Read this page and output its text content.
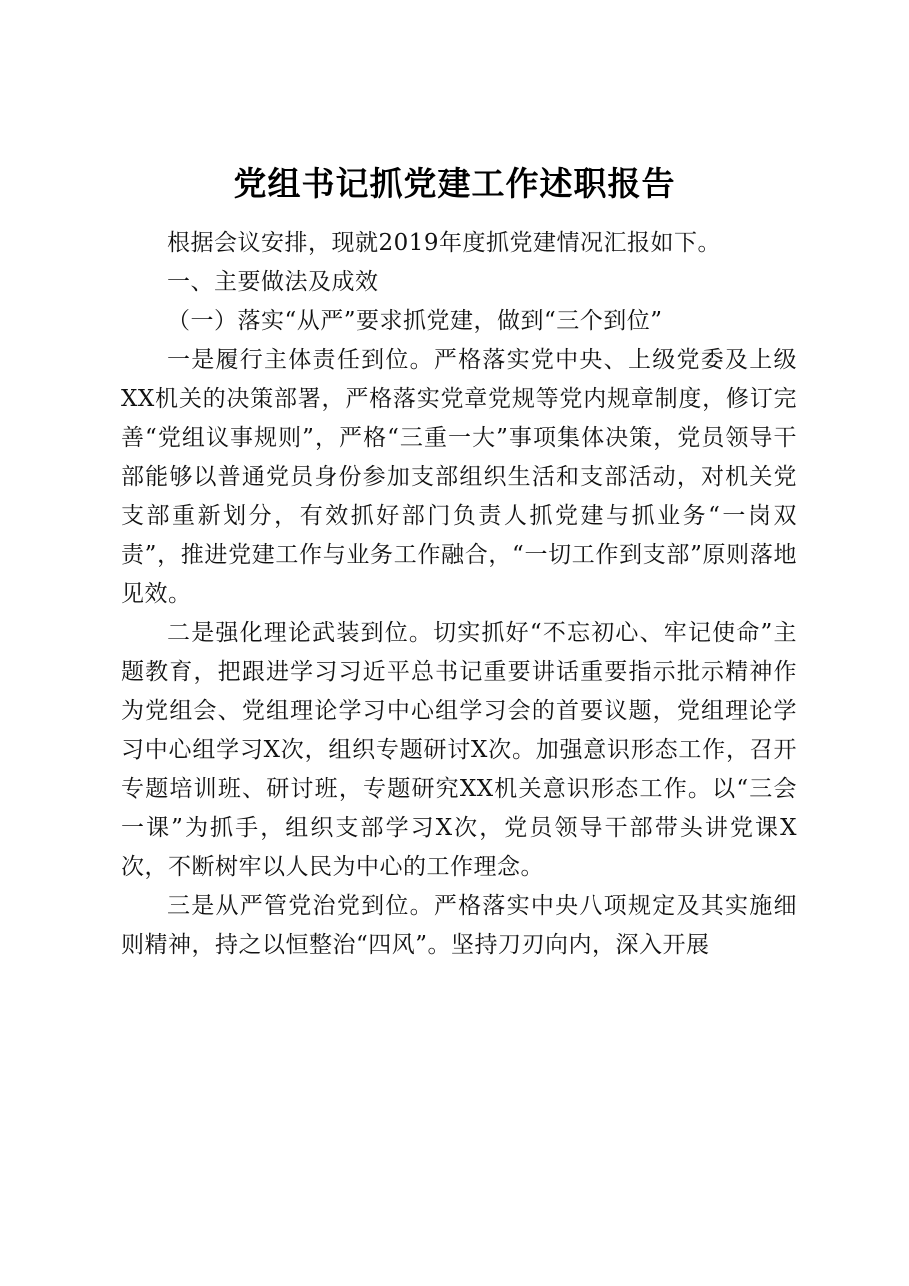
党组书记抓党建工作述职报告

根据会议安排，现就2019年度抓党建情况汇报如下。

一、主要做法及成效

（一）落实“从严”要求抓党建，做到“三个到位”

一是履行主体责任到位。严格落实党中央、上级党委及上级XX机关的决策部署，严格落实党章党规等党内规章制度，修订完善“党组议事规则”，严格“三重一大”事项集体决策，党员领导干部能够以普通党员身份参加支部组织生活和支部活动，对机关党支部重新划分，有效抓好部门负责人抓党建与抓业务“一岗双责”，推进党建工作与业务工作融合，“一切工作到支部”原则落地见效。

二是强化理论武装到位。切实抓好“不忘初心、牢记使命”主题教育，把跟进学习习近平总书记重要讲话重要指示批示精神作为党组会、党组理论学习中心组学习会的首要议题，党组理论学习中心组学习X次，组织专题研讨X次。加强意识形态工作，召开专题培训班、研讨班，专题研究XX机关意识形态工作。以“三会一课”为抓手，组织支部学习X次，党员领导干部带头讲党课X次，不断树牢以人民为中心的工作理念。

三是从严管党治党到位。严格落实中央八项规定及其实施细则精神，持之以恒整治“四风”。坚持刀刃向内，深入开展
